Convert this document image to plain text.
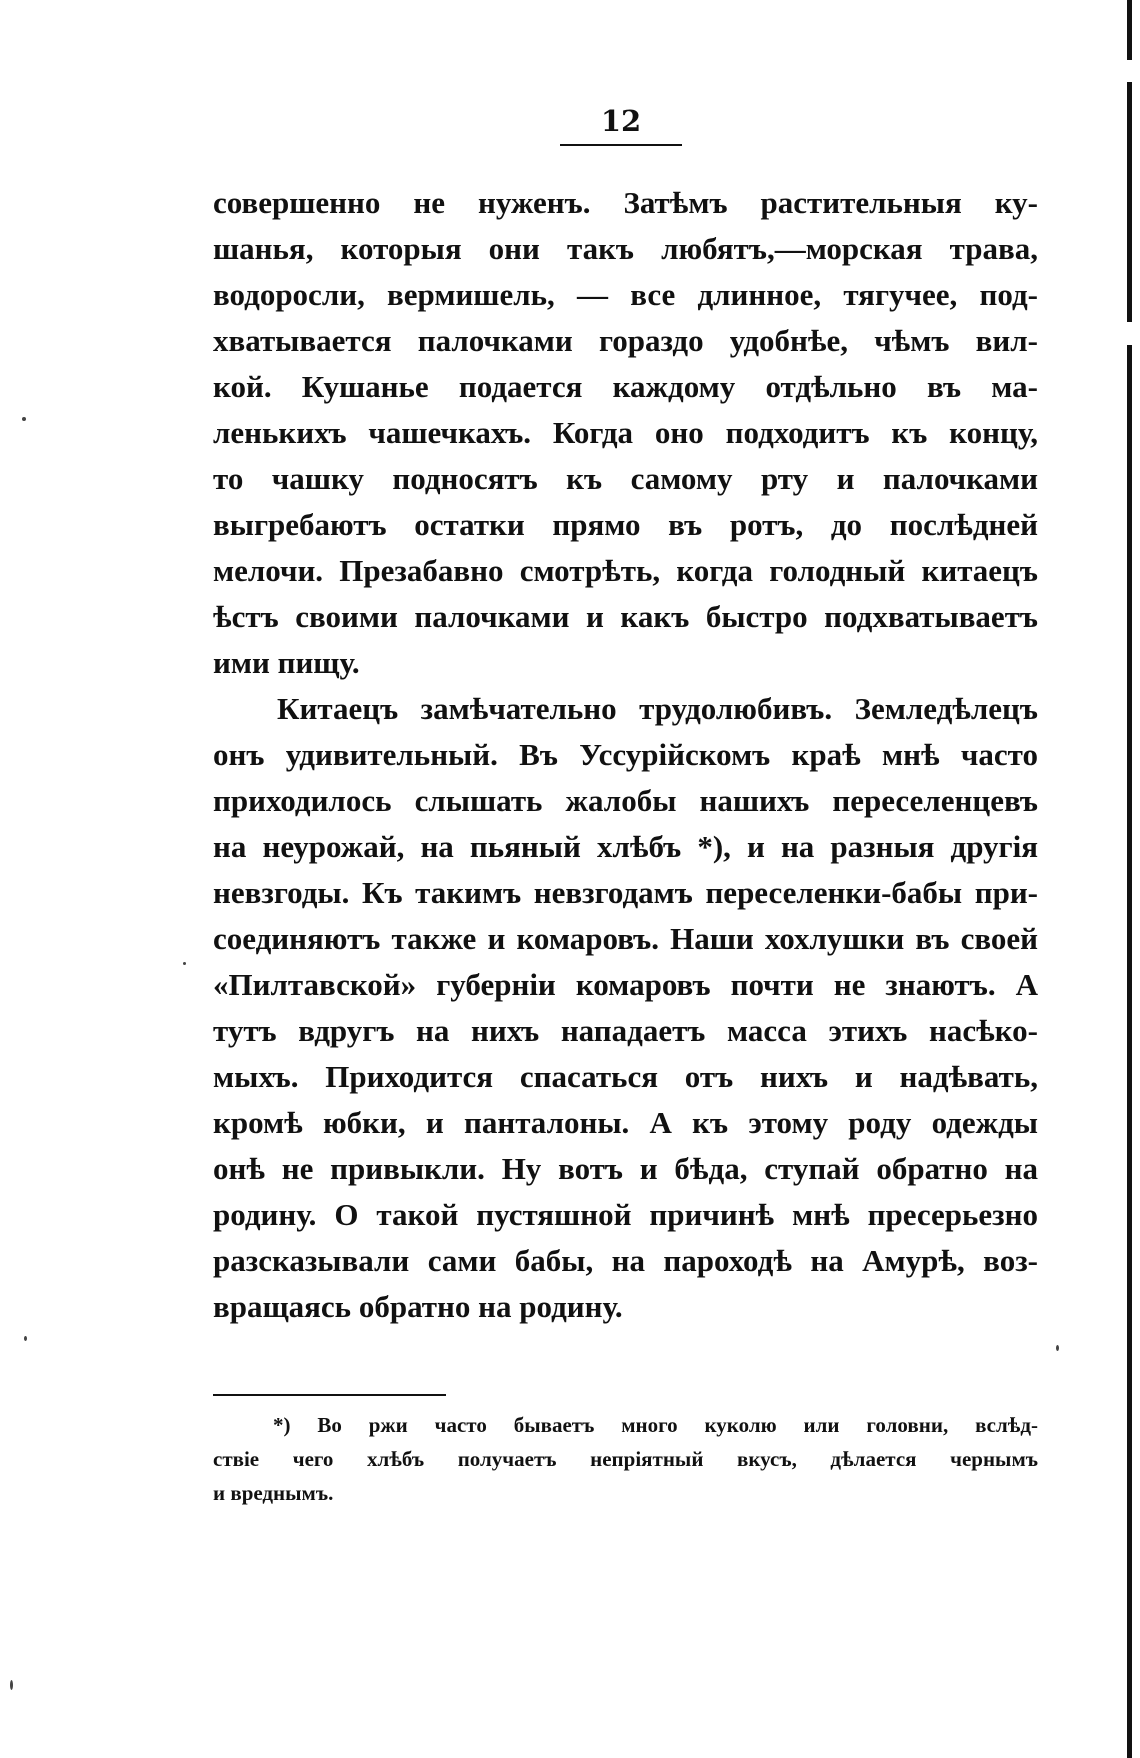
12
совершенно не нуженъ. Затѣмъ растительныя ку-
шанья, которыя они такъ любятъ,—морская трава,
водоросли, вермишель, — все длинное, тягучее, под-
хватывается палочками гораздо удобнѣе, чѣмъ вил-
кой. Кушанье подается каждому отдѣльно въ ма-
ленькихъ чашечкахъ. Когда оно подходитъ къ концу,
то чашку подносятъ къ самому рту и палочками
выгребаютъ остатки прямо въ ротъ, до послѣдней
мелочи. Презабавно смотрѣть, когда голодный китаецъ
ѣстъ своими палочками и какъ быстро подхватываетъ
ими пищу.
Китаецъ замѣчательно трудолюбивъ. Земледѣлецъ
онъ удивительный. Въ Уссурійскомъ краѣ мнѣ часто
приходилось слышать жалобы нашихъ переселенцевъ
на неурожай, на пьяный хлѣбъ *), и на разныя другія
невзгоды. Къ такимъ невзгодамъ переселенки-бабы при-
соединяютъ также и комаровъ. Наши хохлушки въ своей
«Пилтавской» губерніи комаровъ почти не знаютъ. А
тутъ вдругъ на нихъ нападаетъ масса этихъ насѣко-
мыхъ. Приходится спасаться отъ нихъ и надѣвать,
кромѣ юбки, и панталоны. А къ этому роду одежды
онѣ не привыкли. Ну вотъ и бѣда, ступай обратно на
родину. О такой пустяшной причинѣ мнѣ пресерьезно
разсказывали сами бабы, на пароходѣ на Амурѣ, воз-
вращаясь обратно на родину.
*) Во ржи часто бываетъ много куколю или головни, вслѣд-
ствіе чего хлѣбъ получаетъ непріятный вкусъ, дѣлается чернымъ
и вреднымъ.
